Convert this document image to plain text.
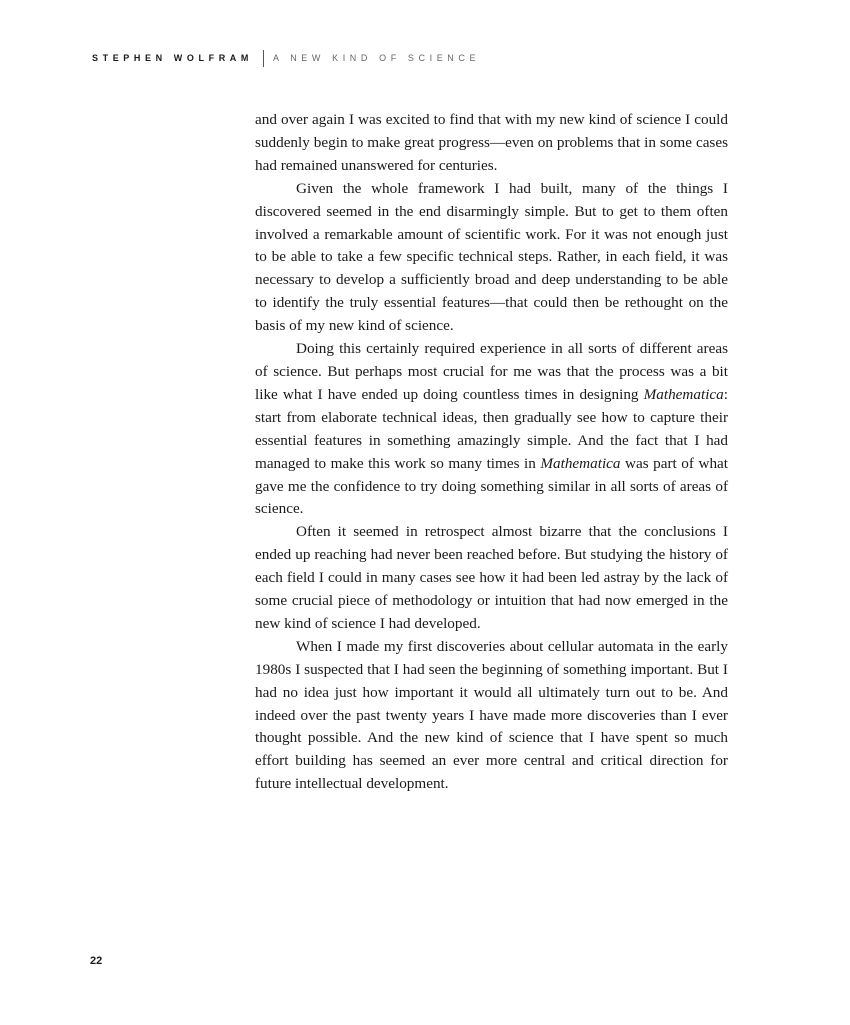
STEPHEN WOLFRAM A NEW KIND OF SCIENCE

and over again I was excited to find that with my new kind of science I could suddenly begin to make great progress—even on problems that in some cases had remained unanswered for centuries.

Given the whole framework I had built, many of the things I discovered seemed in the end disarmingly simple. But to get to them often involved a remarkable amount of scientific work. For it was not enough just to be able to take a few specific technical steps. Rather, in each field, it was necessary to develop a sufficiently broad and deep understanding to be able to identify the truly essential features—that could then be rethought on the basis of my new kind of science.

Doing this certainly required experience in all sorts of different areas of science. But perhaps most crucial for me was that the process was a bit like what I have ended up doing countless times in designing Mathematica: start from elaborate technical ideas, then gradually see how to capture their essential features in something amazingly simple. And the fact that I had managed to make this work so many times in Mathematica was part of what gave me the confidence to try doing something similar in all sorts of areas of science.

Often it seemed in retrospect almost bizarre that the conclusions I ended up reaching had never been reached before. But studying the history of each field I could in many cases see how it had been led astray by the lack of some crucial piece of methodology or intuition that had now emerged in the new kind of science I had developed.

When I made my first discoveries about cellular automata in the early 1980s I suspected that I had seen the beginning of something important. But I had no idea just how important it would all ultimately turn out to be. And indeed over the past twenty years I have made more discoveries than I ever thought possible. And the new kind of science that I have spent so much effort building has seemed an ever more central and critical direction for future intellectual development.

22
